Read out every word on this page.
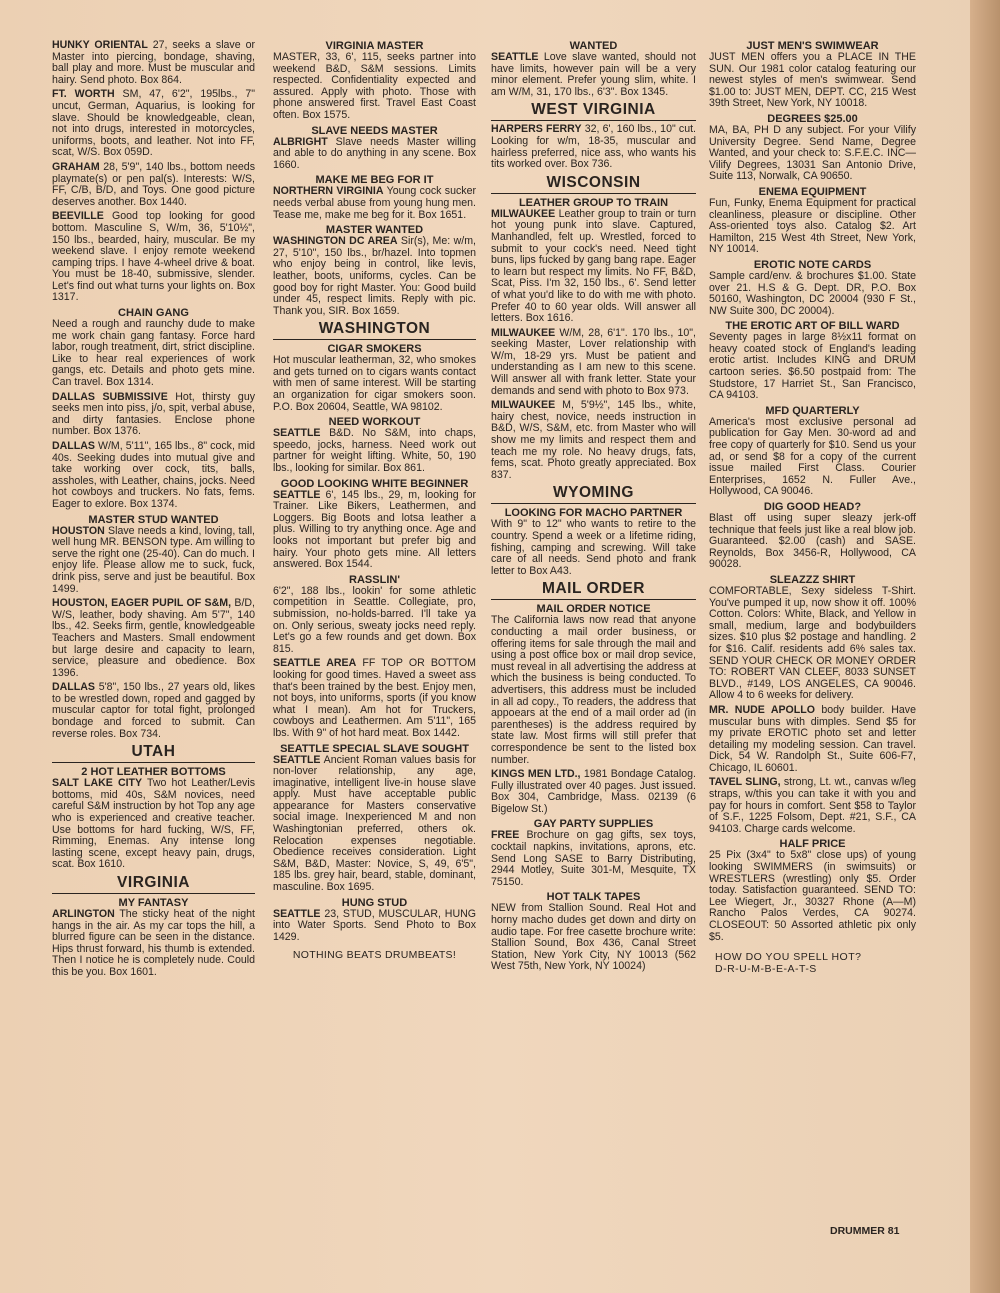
HUNKY ORIENTAL 27, seeks a slave or Master into piercing, bondage, shaving, ball play and more. Must be muscular and hairy. Send photo. Box 864.
FT. WORTH SM, 47, 6'2", 195lbs., 7" uncut, German, Aquarius, is looking for slave. Should be knowledgeable, clean, not into drugs, interested in motorcycles, uniforms, boots, and leather. Not into FF, scat, W/S. Box 059D.
GRAHAM 28, 5'9", 140 lbs., bottom needs playmate(s) or pen pal(s). Interests: W/S, FF, C/B, B/D, and Toys. One good picture deserves another. Box 1440.
BEEVILLE Good top looking for good bottom. Masculine S, W/m, 36, 5'10½", 150 lbs., bearded, hairy, muscular. Be my weekend slave. I enjoy remote weekend camping trips. I have 4-wheel drive & boat. You must be 18-40, submissive, slender. Let's find out what turns your lights on. Box 1317.
CHAIN GANG
Need a rough and raunchy dude to make me work chain gang fantasy. Force hard labor, rough treatment, dirt, strict discipline. Like to hear real experiences of work gangs, etc. Details and photo gets mine. Can travel. Box 1314.
DALLAS SUBMISSIVE Hot, thirsty guy seeks men into piss, j/o, spit, verbal abuse, and dirty fantasies. Enclose phone number. Box 1376.
DALLAS W/M, 5'11", 165 lbs., 8" cock, mid 40s. Seeking dudes into mutual give and take working over cock, tits, balls, assholes, with Leather, chains, jocks. Need hot cowboys and truckers. No fats, fems. Eager to exlore. Box 1374.
MASTER STUD WANTED
HOUSTON Slave needs a kind, loving, tall, well hung MR. BENSON type. Am willing to serve the right one (25-40). Can do much. I enjoy life. Please allow me to suck, fuck, drink piss, serve and just be beautiful. Box 1499.
HOUSTON, EAGER PUPIL OF S&M, B/D, W/S, leather, body shaving. Am 5'7", 140 lbs., 42. Seeks firm, gentle, knowledgeable Teachers and Masters. Small endowment but large desire and capacity to learn, service, pleasure and obedience. Box 1396.
DALLAS 5'8", 150 lbs., 27 years old, likes to be wrestled down, roped and gagged by muscular captor for total fight, prolonged bondage and forced to submit. Can reverse roles. Box 734.
UTAH
2 HOT LEATHER BOTTOMS
SALT LAKE CITY Two hot Leather/Levis bottoms, mid 40s, S&M novices, need careful S&M instruction by hot Top any age who is experienced and creative teacher. Use bottoms for hard fucking, W/S, FF, Rimming, Enemas. Any intense long lasting scene, except heavy pain, drugs, scat. Box 1610.
VIRGINIA
MY FANTASY
ARLINGTON The sticky heat of the night hangs in the air. As my car tops the hill, a blurred figure can be seen in the distance. Hips thrust forward, his thumb is extended. Then I notice he is completely nude. Could this be you. Box 1601.
VIRGINIA MASTER
MASTER, 33, 6', 115, seeks partner into weekend B&D, S&M sessions. Limits respected. Confidentiality expected and assured. Apply with photo. Those with phone answered first. Travel East Coast often. Box 1575.
SLAVE NEEDS MASTER
ALBRIGHT Slave needs Master willing and able to do anything in any scene. Box 1660.
MAKE ME BEG FOR IT
NORTHERN VIRGINIA Young cock sucker needs verbal abuse from young hung men. Tease me, make me beg for it. Box 1651.
MASTER WANTED
WASHINGTON DC AREA Sir(s), Me: w/m, 27, 5'10", 150 lbs., br/hazel. Into topmen who enjoy being in control, like levis, leather, boots, uniforms, cycles. Can be good boy for right Master. You: Good build under 45, respect limits. Reply with pic. Thank you, SIR. Box 1659.
WASHINGTON
CIGAR SMOKERS
Hot muscular leatherman, 32, who smokes and gets turned on to cigars wants contact with men of same interest. Will be starting an organization for cigar smokers soon. P.O. Box 20604, Seattle, WA 98102.
NEED WORKOUT
SEATTLE B&D. No S&M, into chaps, speedo, jocks, harness. Need work out partner for weight lifting. White, 50, 190 lbs., looking for similar. Box 861.
GOOD LOOKING WHITE BEGINNER
SEATTLE 6', 145 lbs., 29, m, looking for Trainer. Like Bikers, Leathermen, and Loggers. Big Boots and lotsa leather a plus. Willing to try anything once. Age and looks not important but prefer big and hairy. Your photo gets mine. All letters answered. Box 1544.
RASSLIN'
6'2", 188 lbs., lookin' for some athletic competition in Seattle. Collegiate, pro, submission, no-holds-barred. I'll take ya on. Only serious, sweaty jocks need reply. Let's go a few rounds and get down. Box 815.
SEATTLE AREA FF TOP OR BOTTOM looking for good times. Haved a sweet ass that's been trained by the best. Enjoy men, not boys, into uniforms, sports (if you know what I mean). Am hot for Truckers, cowboys and Leathermen. Am 5'11", 165 lbs. With 9" of hot hard meat. Box 1442.
SEATTLE SPECIAL SLAVE SOUGHT
SEATTLE Ancient Roman values basis for non-lover relationship, any age, imaginative, intelligent live-in house slave apply. Must have acceptable public appearance for Masters conservative social image. Inexperienced M and non Washingtonian preferred, others ok. Relocation expenses negotiable. Obedience receives consideration. Light S&M, B&D, Master: Novice, S, 49, 6'5", 185 lbs. grey hair, beard, stable, dominant, masculine. Box 1695.
HUNG STUD
SEATTLE 23, STUD, MUSCULAR, HUNG into Water Sports. Send Photo to Box 1429.
NOTHING BEATS DRUMBEATS!
WANTED
SEATTLE Love slave wanted, should not have limits, however pain will be a very minor element. Prefer young slim, white. I am W/M, 31, 170 lbs., 6'3". Box 1345.
WEST VIRGINIA
HARPERS FERRY 32, 6', 160 lbs., 10" cut. Looking for w/m, 18-35, muscular and hairless preferred, nice ass, who wants his tits worked over. Box 736.
WISCONSIN
LEATHER GROUP TO TRAIN
MILWAUKEE Leather group to train or turn hot young punk into slave. Captured, Manhandled, felt up. Wrestled, forced to submit to your cock's need. Need tight buns, lips fucked by gang bang rape. Eager to learn but respect my limits. No FF, B&D, Scat, Piss. I'm 32, 150 lbs., 6'. Send letter of what you'd like to do with me with photo. Prefer 40 to 60 year olds. Will answer all letters. Box 1616.
MILWAUKEE W/M, 28, 6'1". 170 lbs., 10", seeking Master, Lover relationship with W/m, 18-29 yrs. Must be patient and understanding as I am new to this scene. Will answer all with frank letter. State your demands and send with photo to Box 973.
MILWAUKEE M, 5'9½", 145 lbs., white, hairy chest, novice, needs instruction in B&D, W/S, S&M, etc. from Master who will show me my limits and respect them and teach me my role. No heavy drugs, fats, fems, scat. Photo greatly appreciated. Box 837.
WYOMING
LOOKING FOR MACHO PARTNER
With 9" to 12" who wants to retire to the country. Spend a week or a lifetime riding, fishing, camping and screwing. Will take care of all needs. Send photo and frank letter to Box A43.
MAIL ORDER
MAIL ORDER NOTICE
The California laws now read that anyone conducting a mail order business, or offering items for sale through the mail and using a post office box or mail drop sevice, must reveal in all advertising the address at which the business is being conducted. To advertisers, this address must be included in all ad copy., To readers, the address that appoears at the end of a mail order ad (in parentheses) is the address required by state law. Most firms will still prefer that correspondence be sent to the listed box number.
KINGS MEN LTD., 1981 Bondage Catalog. Fully illustrated over 40 pages. Just issued. Box 304, Cambridge, Mass. 02139 (6 Bigelow St.)
GAY PARTY SUPPLIES
FREE Brochure on gag gifts, sex toys, cocktail napkins, invitations, aprons, etc. Send Long SASE to Barry Distributing, 2944 Motley, Suite 301-M, Mesquite, TX 75150.
HOT TALK TAPES
NEW from Stallion Sound. Real Hot and horny macho dudes get down and dirty on audio tape. For free casette brochure write: Stallion Sound, Box 436, Canal Street Station, New York City, NY 10013 (562 West 75th, New York, NY 10024)
JUST MEN'S SWIMWEAR
JUST MEN offers you a PLACE IN THE SUN. Our 1981 color catalog featuring our newest styles of men's swimwear. Send $1.00 to: JUST MEN, DEPT. CC, 215 West 39th Street, New York, NY 10018.
DEGREES $25.00
MA, BA, PH D any subject. For your Vilify University Degree. Send Name, Degree Wanted, and your check to: S.F.E.C. INC—Vilify Degrees, 13031 San Antonio Drive, Suite 113, Norwalk, CA 90650.
ENEMA EQUIPMENT
Fun, Funky, Enema Equipment for practical cleanliness, pleasure or discipline. Other Ass-oriented toys also. Catalog $2. Art Hamilton, 215 West 4th Street, New York, NY 10014.
EROTIC NOTE CARDS
Sample card/env. & brochures $1.00. State over 21. H.S & G. Dept. DR, P.O. Box 50160, Washington, DC 20004 (930 F St., NW Suite 300, DC 20004).
THE EROTIC ART OF BILL WARD
Seventy pages in large 8½x11 format on heavy coated stock of England's leading erotic artist. Includes KING and DRUM cartoon series. $6.50 postpaid from: The Studstore, 17 Harriet St., San Francisco, CA 94103.
MFD QUARTERLY
America's most exclusive personal ad publication for Gay Men. 30-word ad and free copy of quarterly for $10. Send us your ad, or send $8 for a copy of the current issue mailed First Class. Courier Enterprises, 1652 N. Fuller Ave., Hollywood, CA 90046.
DIG GOOD HEAD?
Blast off using super sleazy jerk-off technique that feels just like a real blow job. Guaranteed. $2.00 (cash) and SASE. Reynolds, Box 3456-R, Hollywood, CA 90028.
SLEAZZZ SHIRT
COMFORTABLE, Sexy sideless T-Shirt. You've pumped it up, now show it off. 100% Cotton. Colors: White, Black, and Yellow in small, medium, large and bodybuilders sizes. $10 plus $2 postage and handling. 2 for $16. Calif. residents add 6% sales tax. SEND YOUR CHECK OR MONEY ORDER TO: ROBERT VAN CLEEF, 8033 SUNSET BLVD., #149, LOS ANGELES, CA 90046. Allow 4 to 6 weeks for delivery.
MR. NUDE APOLLO body builder. Have muscular buns with dimples. Send $5 for my private EROTIC photo set and letter detailing my modeling session. Can travel. Dick, 54 W. Randolph St., Suite 606-F7, Chicago, IL 60601.
TAVEL SLING, strong, Lt. wt., canvas w/leg straps, w/this you can take it with you and pay for hours in comfort. Sent $58 to Taylor of S.F., 1225 Folsom, Dept. #21, S.F., CA 94103. Charge cards welcome.
HALF PRICE
25 Pix (3x4" to 5x8" close ups) of young looking SWIMMERS (in swimsuits) or WRESTLERS (wrestling) only $5. Order today. Satisfaction guaranteed. SEND TO: Lee Wiegert, Jr., 30327 Rhone (A—M) Rancho Palos Verdes, CA 90274. CLOSEOUT: 50 Assorted athletic pix only $5.
HOW DO YOU SPELL HOT?
D-R-U-M-B-E-A-T-S
DRUMMER 81
